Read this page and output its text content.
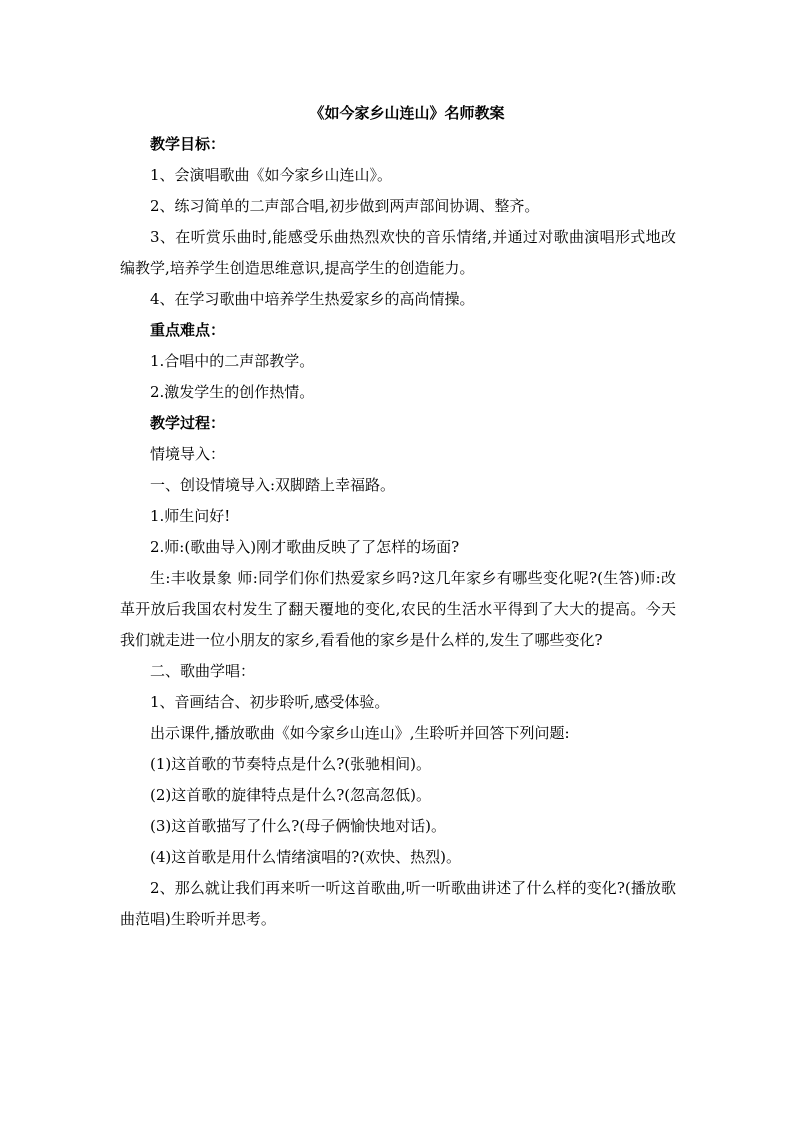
《如今家乡山连山》名师教案

教学目标：

1、会演唱歌曲《如今家乡山连山》。

2、练习简单的二声部合唱,初步做到两声部间协调、整齐。

3、在听赏乐曲时,能感受乐曲热烈欢快的音乐情绪,并通过对歌曲演唱形式地改编教学,培养学生创造思维意识,提高学生的创造能力。

4、在学习歌曲中培养学生热爱家乡的高尚情操。

重点难点：

1.合唱中的二声部教学。

2.激发学生的创作热情。

教学过程：

情境导入：

一、创设情境导入:双脚踏上幸福路。

1.师生问好!

2.师:(歌曲导入)刚才歌曲反映了了怎样的场面?

生:丰收景象 师:同学们你们热爱家乡吗?这几年家乡有哪些变化呢?(生答)师:改革开放后我国农村发生了翻天覆地的变化,农民的生活水平得到了大大的提高。今天我们就走进一位小朋友的家乡,看看他的家乡是什么样的,发生了哪些变化?

二、歌曲学唱：

1、音画结合、初步聆听,感受体验。

出示课件,播放歌曲《如今家乡山连山》,生聆听并回答下列问题:

(1)这首歌的节奏特点是什么?(张驰相间)。

(2)这首歌的旋律特点是什么?(忽高忽低)。

(3)这首歌描写了什么?(母子俩愉快地对话)。

(4)这首歌是用什么情绪演唱的?(欢快、热烈)。

2、那么就让我们再来听一听这首歌曲,听一听歌曲讲述了什么样的变化?(播放歌曲范唱)生聆听并思考。
